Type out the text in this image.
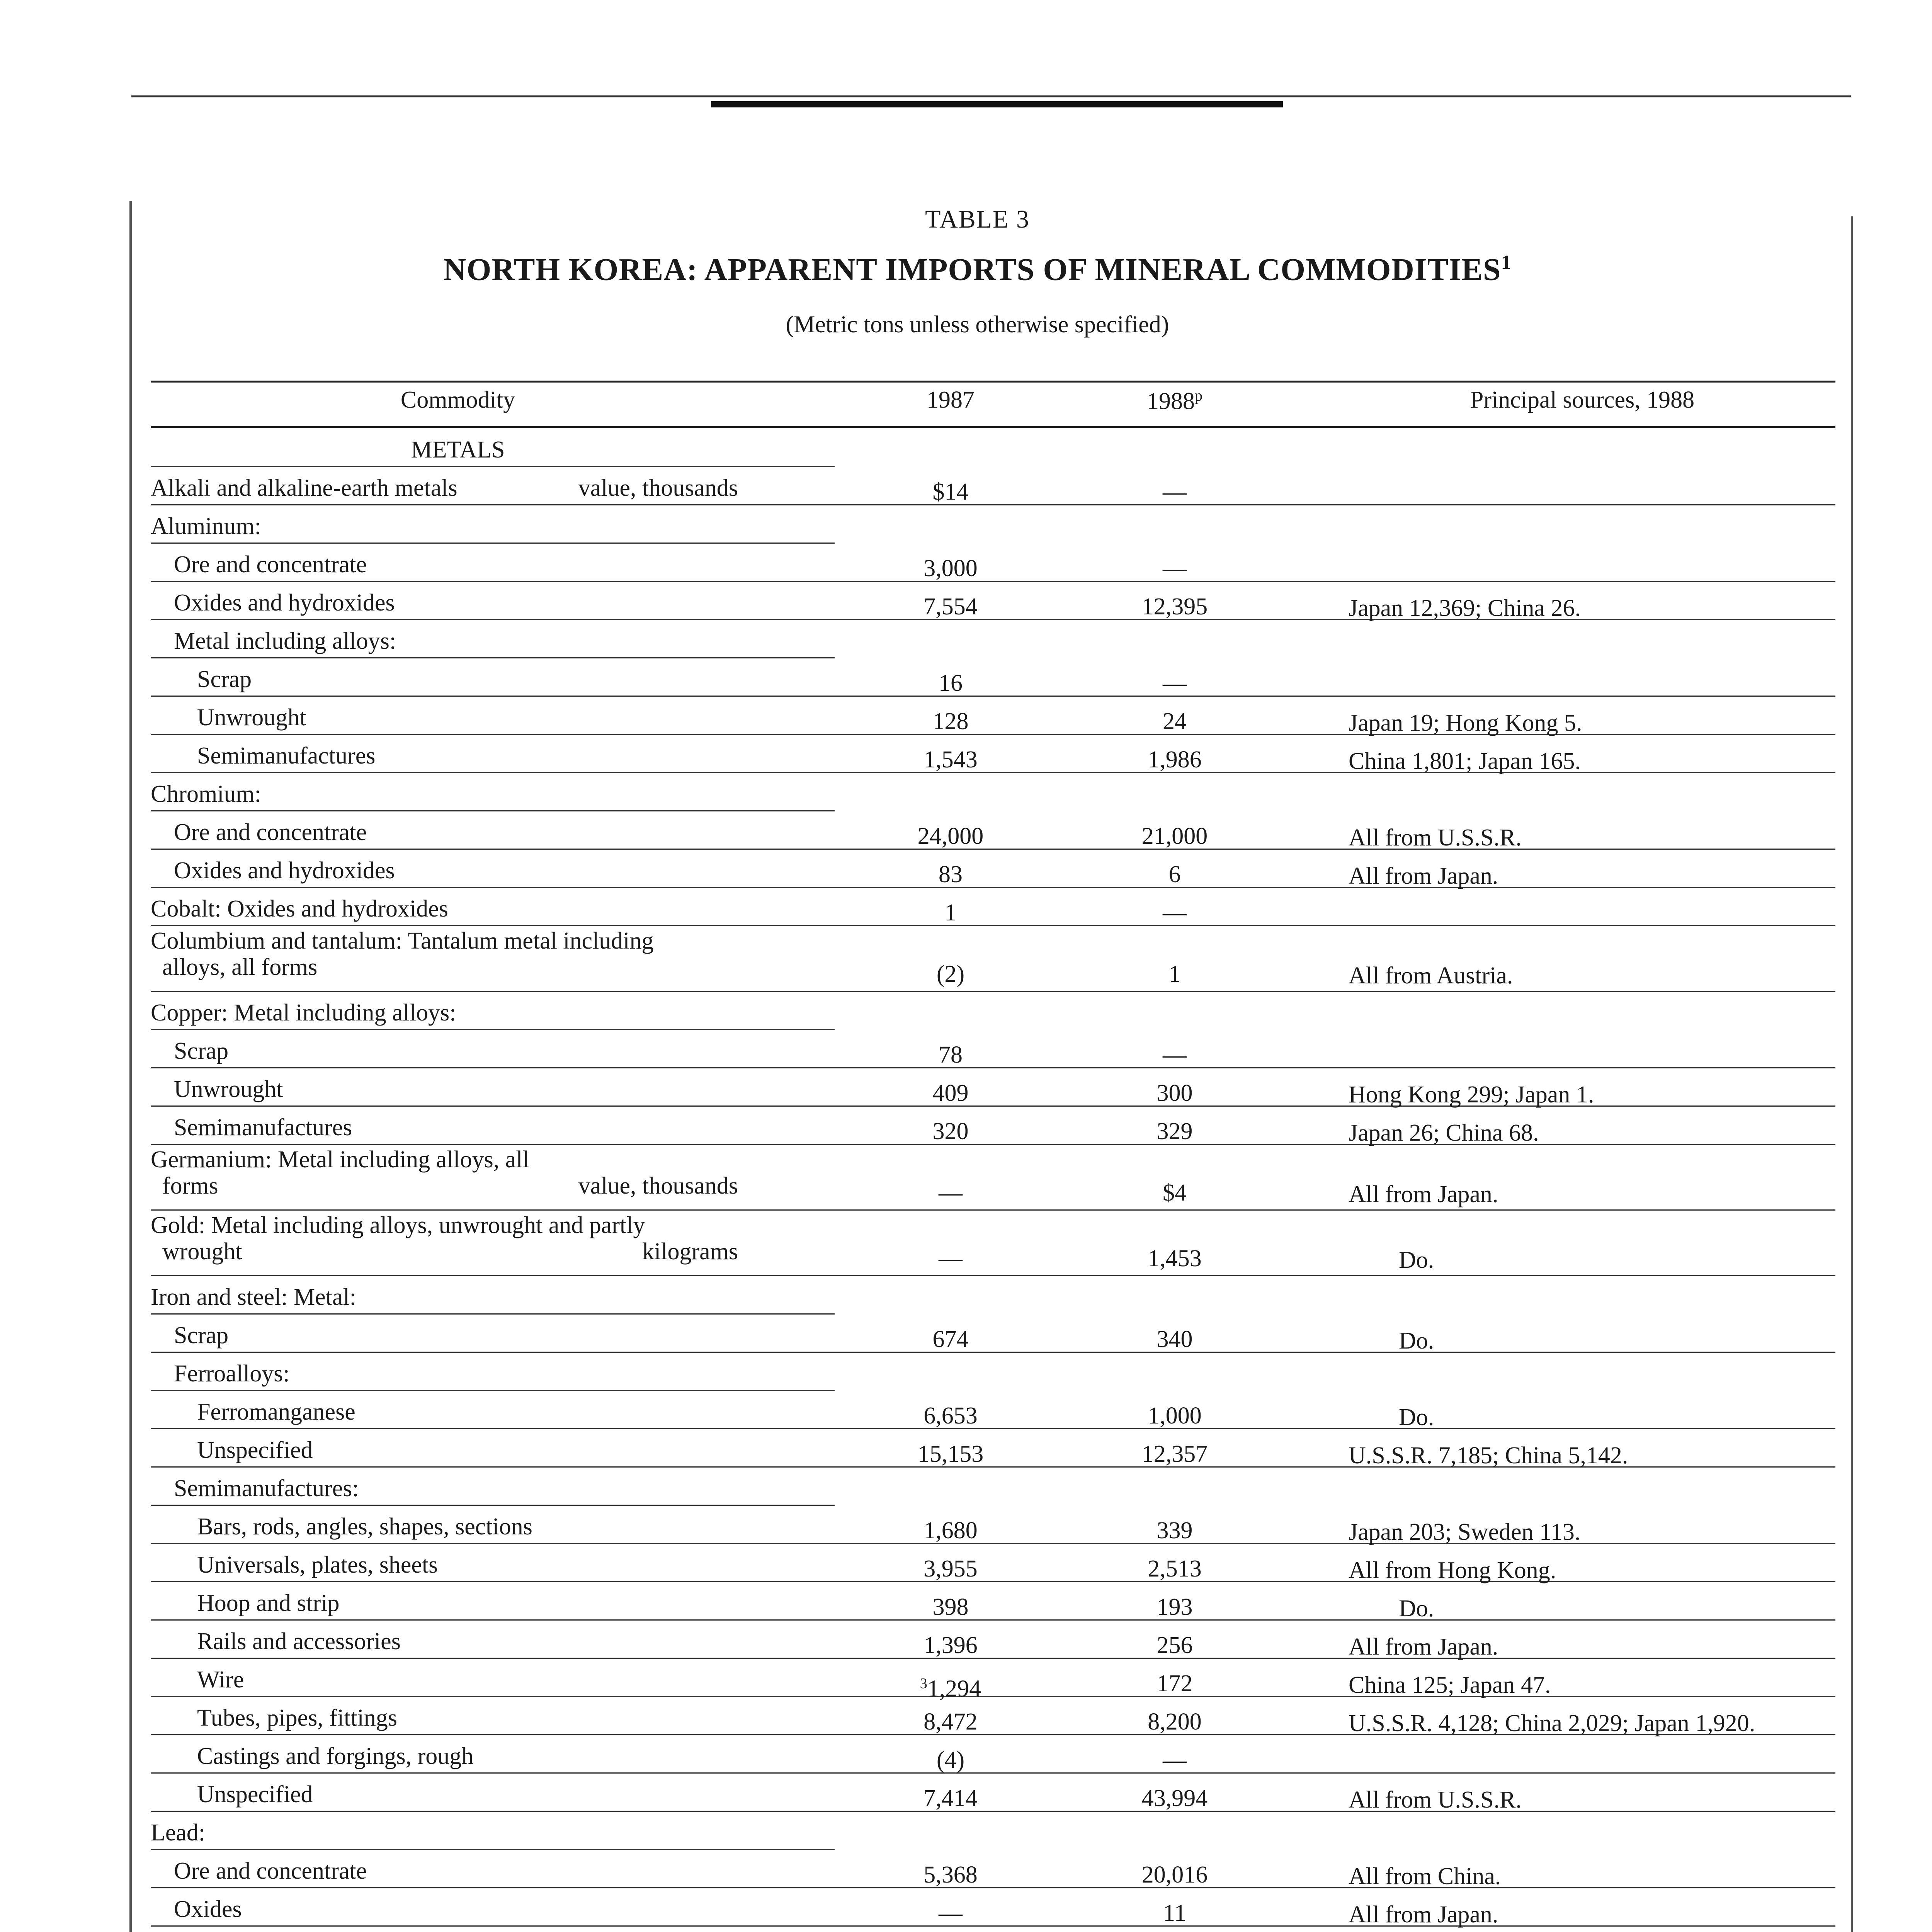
TABLE 3
NORTH KOREA: APPARENT IMPORTS OF MINERAL COMMODITIES$^1$
(Metric tons unless otherwise specified)
Commodity	1987	1988$^p$	Principal sources, 1988
METALS
Alkali and alkaline-earth metals	value, thousands	$14	—
Aluminum:
Ore and concentrate	3,000	—
Oxides and hydroxides	7,554	12,395	Japan 12,369; China 26.
Metal including alloys:
Scrap	16	—
Unwrought	128	24	Japan 19; Hong Kong 5.
Semimanufactures	1,543	1,986	China 1,801; Japan 165.
Chromium:
Ore and concentrate	24,000	21,000	All from U.S.S.R.
Oxides and hydroxides	83	6	All from Japan.
Cobalt: Oxides and hydroxides	1	—
Columbium and tantalum: Tantalum metal including
alloys, all forms	(2)	1	All from Austria.
Copper: Metal including alloys:
Scrap	78	—
Unwrought	409	300	Hong Kong 299; Japan 1.
Semimanufactures	320	329	Japan 26; China 68.
Germanium: Metal including alloys, all
forms	value, thousands	—	$4	All from Japan.
Gold: Metal including alloys, unwrought and partly
wrought	kilograms	—	1,453	Do.
Iron and steel: Metal:
Scrap	674	340	Do.
Ferroalloys:
Ferromanganese	6,653	1,000	Do.
Unspecified	15,153	12,357	U.S.S.R. 7,185; China 5,142.
Semimanufactures:
Bars, rods, angles, shapes, sections	1,680	339	Japan 203; Sweden 113.
Universals, plates, sheets	3,955	2,513	All from Hong Kong.
Hoop and strip	398	193	Do.
Rails and accessories	1,396	256	All from Japan.
Wire	$^3$1,294	172	China 125; Japan 47.
Tubes, pipes, fittings	8,472	8,200	U.S.S.R. 4,128; China 2,029; Japan 1,920.
Castings and forgings, rough	(4)	—
Unspecified	7,414	43,994	All from U.S.S.R.
Lead:
Ore and concentrate	5,368	20,016	All from China.
Oxides	—	11	All from Japan.
